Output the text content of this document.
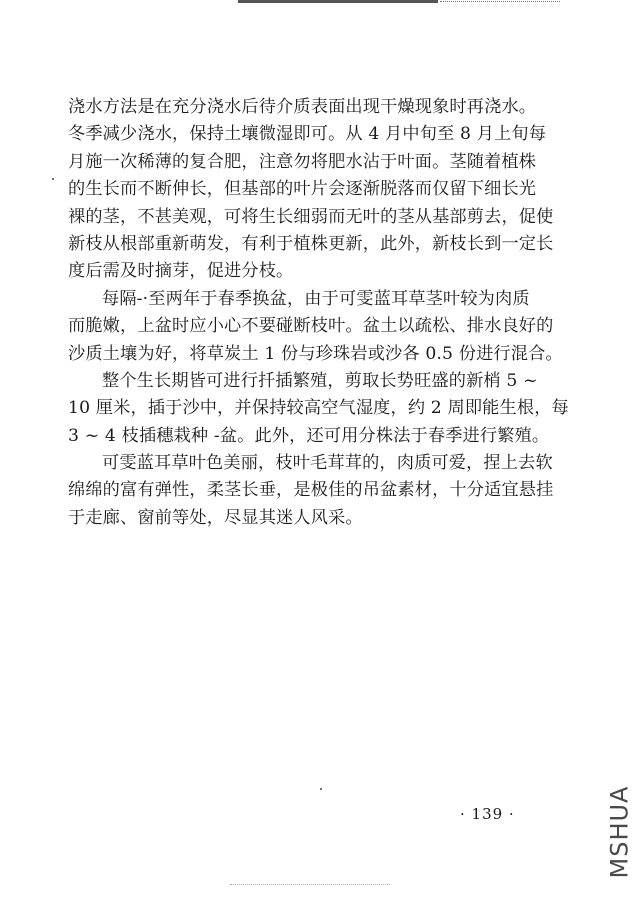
浇水方法是在充分浇水后待介质表面出现干燥现象时再浇水。
冬季减少浇水，保持土壤微湿即可。从 4 月中旬至 8 月上旬每
月施一次稀薄的复合肥，注意勿将肥水沾于叶面。茎随着植株
的生长而不断伸长，但基部的叶片会逐渐脱落而仅留下细长光
裸的茎，不甚美观，可将生长细弱而无叶的茎从基部剪去，促使
新枝从根部重新萌发，有利于植株更新，此外，新枝长到一定长
度后需及时摘芽，促进分枝。
每隔-·至两年于春季换盆，由于可雯蓝耳草茎叶较为肉质
而脆嫩，上盆时应小心不要碰断枝叶。盆土以疏松、排水良好的
沙质土壤为好，将草炭土 1 份与珍珠岩或沙各 0.5 份进行混合。
整个生长期皆可进行扦插繁殖，剪取长势旺盛的新梢 5 ~
10 厘米，插于沙中，并保持较高空气湿度，约 2 周即能生根，每
3 ~ 4 枝插穗栽种 -盆。此外，还可用分株法于春季进行繁殖。
可雯蓝耳草叶色美丽，枝叶毛茸茸的，肉质可爱，捏上去软
绵绵的富有弹性，柔茎长垂，是极佳的吊盆素材，十分适宜悬挂
于走廊、窗前等处，尽显其迷人风采。
· 139 ·	MSHUA
